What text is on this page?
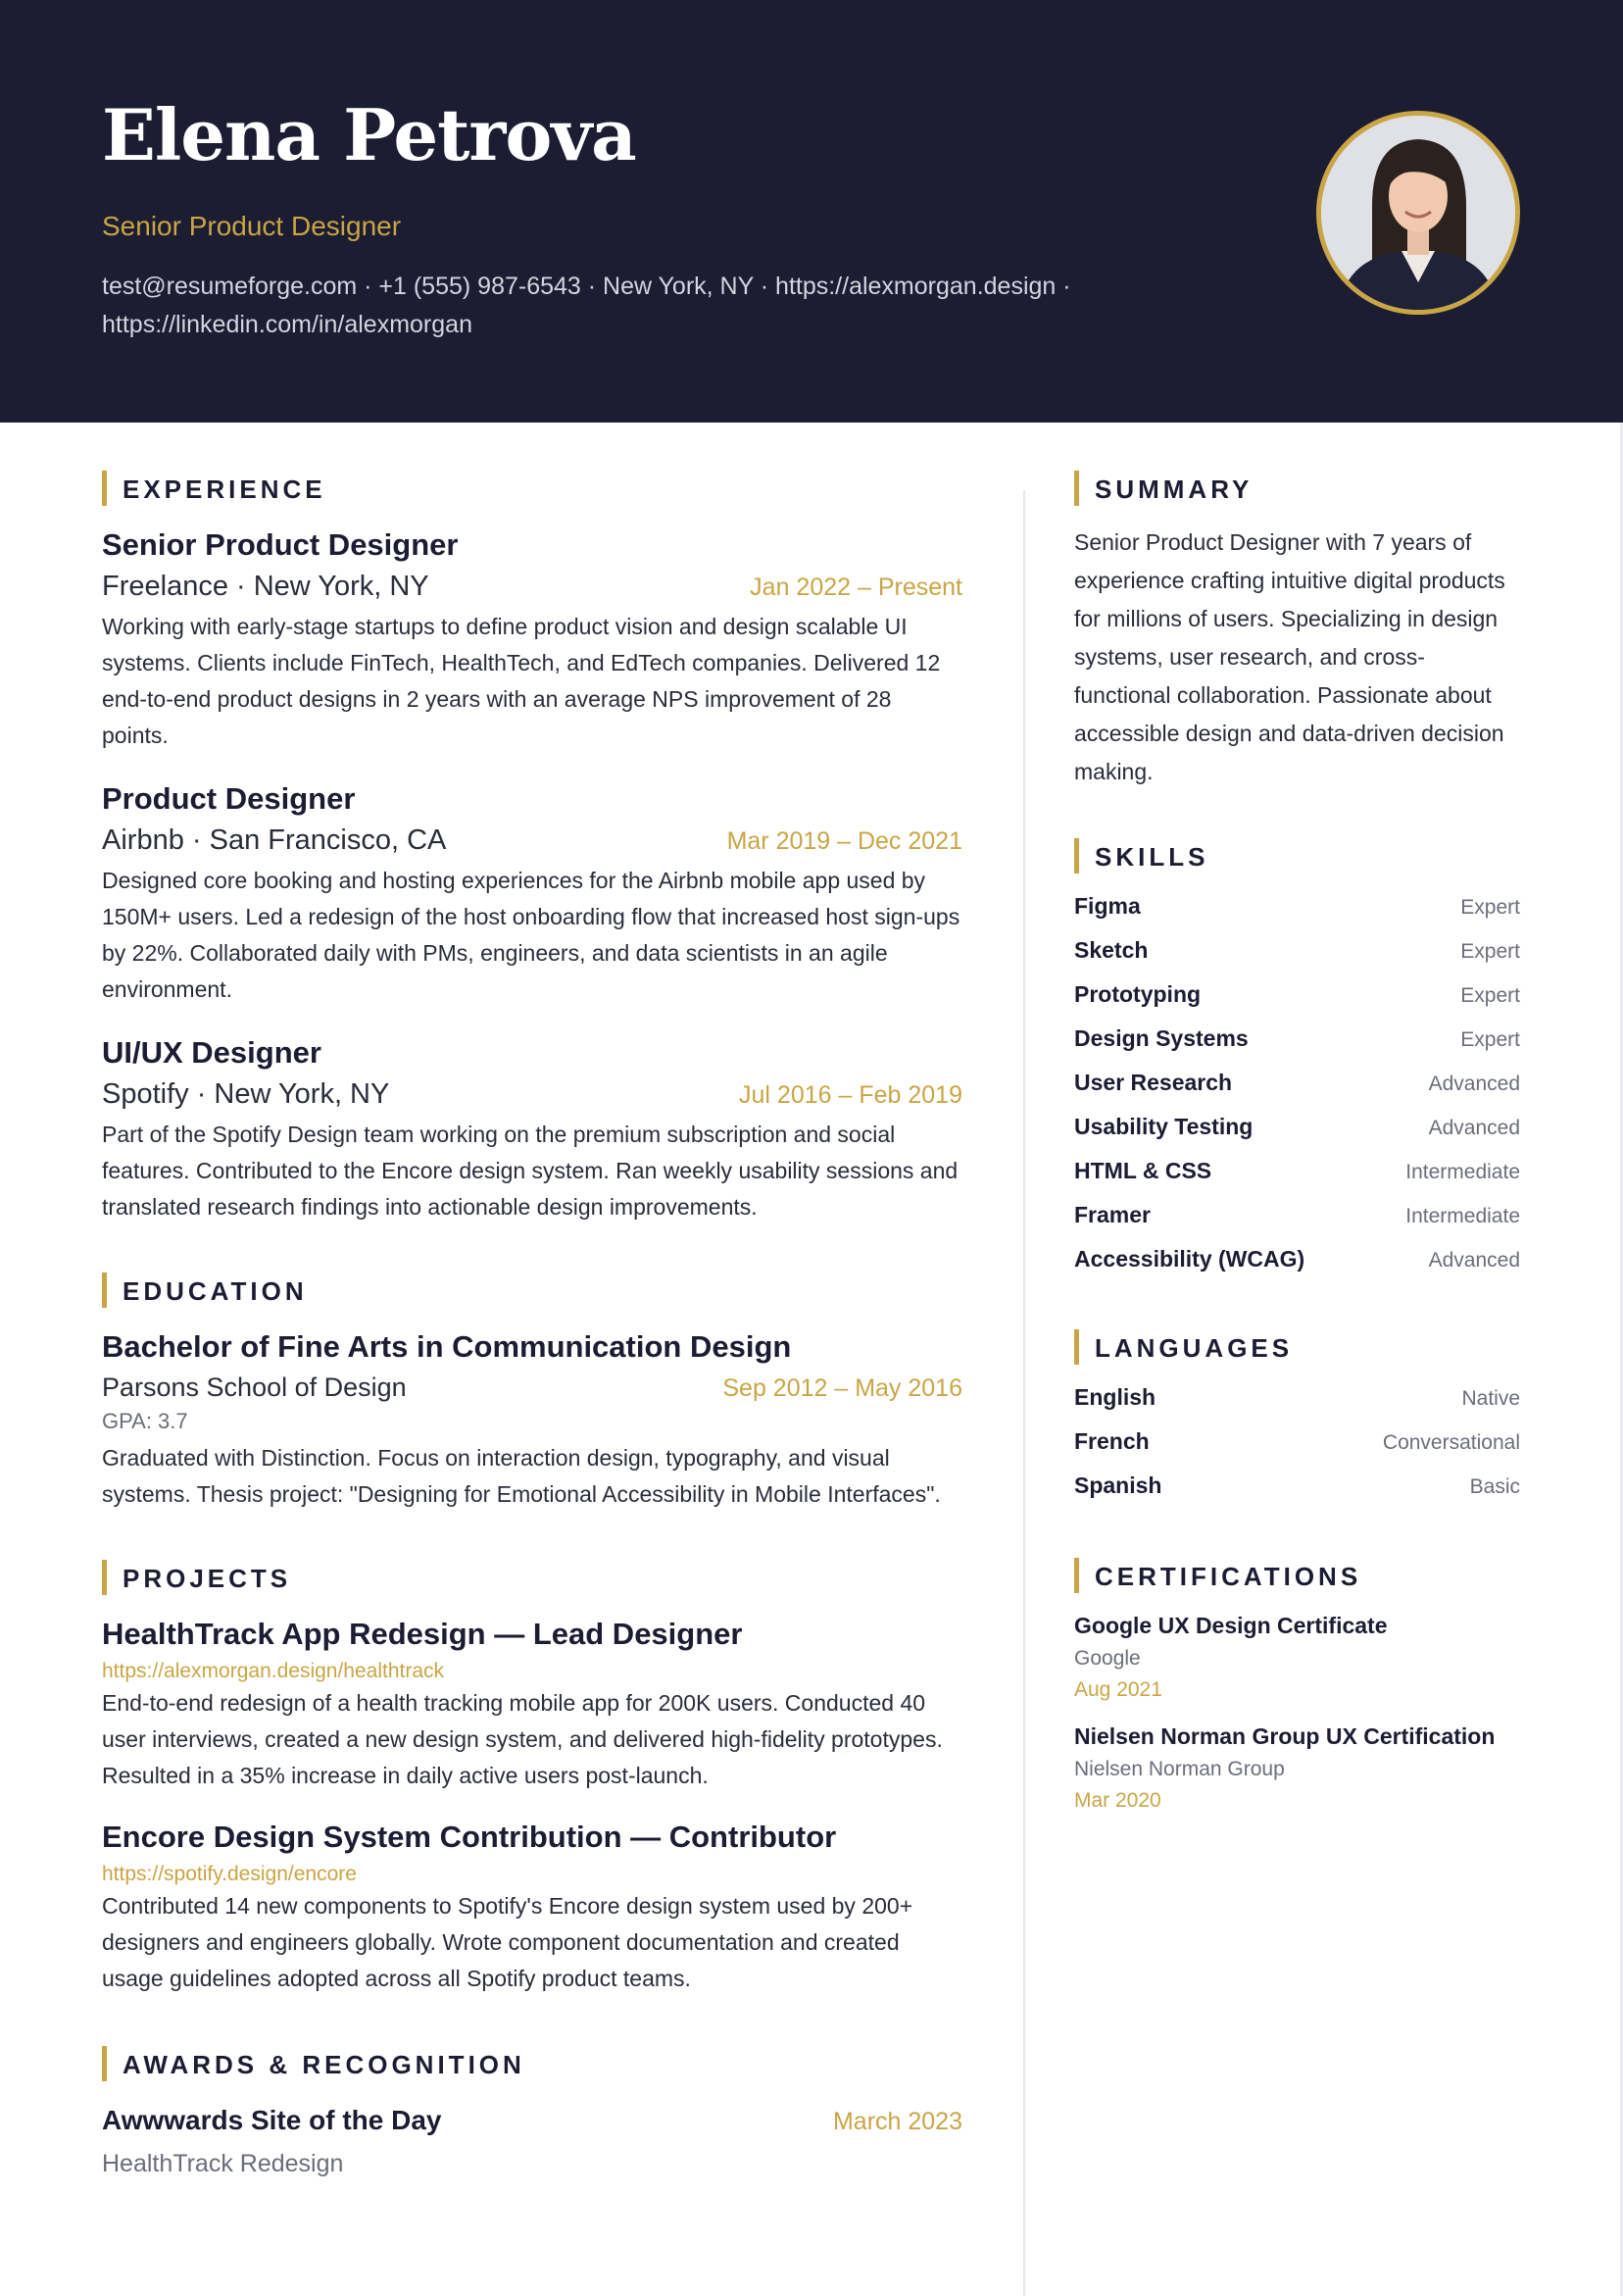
Elena Petrova
Senior Product Designer
test@resumeforge.com · +1 (555) 987-6543 · New York, NY · https://alexmorgan.design ·
https://linkedin.com/in/alexmorgan
EXPERIENCE
Senior Product Designer
Freelance · New York, NY	Jan 2022 – Present
Working with early-stage startups to define product vision and design scalable UI systems. Clients include FinTech, HealthTech, and EdTech companies. Delivered 12 end-to-end product designs in 2 years with an average NPS improvement of 28 points.
Product Designer
Airbnb · San Francisco, CA	Mar 2019 – Dec 2021
Designed core booking and hosting experiences for the Airbnb mobile app used by 150M+ users. Led a redesign of the host onboarding flow that increased host sign-ups by 22%. Collaborated daily with PMs, engineers, and data scientists in an agile environment.
UI/UX Designer
Spotify · New York, NY	Jul 2016 – Feb 2019
Part of the Spotify Design team working on the premium subscription and social features. Contributed to the Encore design system. Ran weekly usability sessions and translated research findings into actionable design improvements.
EDUCATION
Bachelor of Fine Arts in Communication Design
Parsons School of Design	Sep 2012 – May 2016
GPA: 3.7
Graduated with Distinction. Focus on interaction design, typography, and visual systems. Thesis project: "Designing for Emotional Accessibility in Mobile Interfaces".
PROJECTS
HealthTrack App Redesign — Lead Designer
https://alexmorgan.design/healthtrack
End-to-end redesign of a health tracking mobile app for 200K users. Conducted 40 user interviews, created a new design system, and delivered high-fidelity prototypes. Resulted in a 35% increase in daily active users post-launch.
Encore Design System Contribution — Contributor
https://spotify.design/encore
Contributed 14 new components to Spotify's Encore design system used by 200+ designers and engineers globally. Wrote component documentation and created usage guidelines adopted across all Spotify product teams.
AWARDS & RECOGNITION
Awwwards Site of the Day	March 2023
HealthTrack Redesign
SUMMARY
Senior Product Designer with 7 years of experience crafting intuitive digital products for millions of users. Specializing in design systems, user research, and cross-functional collaboration. Passionate about accessible design and data-driven decision making.
SKILLS
Figma	Expert
Sketch	Expert
Prototyping	Expert
Design Systems	Expert
User Research	Advanced
Usability Testing	Advanced
HTML & CSS	Intermediate
Framer	Intermediate
Accessibility (WCAG)	Advanced
LANGUAGES
English	Native
French	Conversational
Spanish	Basic
CERTIFICATIONS
Google UX Design Certificate
Google
Aug 2021
Nielsen Norman Group UX Certification
Nielsen Norman Group
Mar 2020
